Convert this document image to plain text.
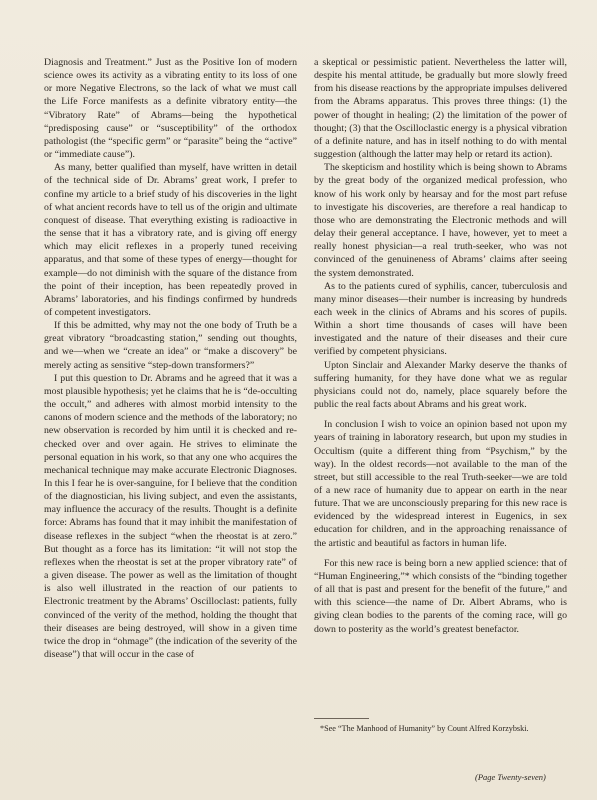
Diagnosis and Treatment.” Just as the Positive Ion of modern science owes its activity as a vibrating entity to its loss of one or more Negative Electrons, so the lack of what we must call the Life Force manifests as a definite vibratory entity—the “Vibratory Rate” of Abrams—being the hypothetical “predisposing cause” or “susceptibility” of the orthodox pathologist (the “specific germ” or “parasite” being the “active” or “immediate cause”).

As many, better qualified than myself, have written in detail of the technical side of Dr. Abrams’ great work, I prefer to confine my article to a brief study of his discoveries in the light of what ancient records have to tell us of the origin and ultimate conquest of disease. That everything existing is radioactive in the sense that it has a vibratory rate, and is giving off energy which may elicit reflexes in a properly tuned receiving apparatus, and that some of these types of energy—thought for example—do not diminish with the square of the distance from the point of their inception, has been repeatedly proved in Abrams’ laboratories, and his findings confirmed by hundreds of competent investigators.

If this be admitted, why may not the one body of Truth be a great vibratory “broadcasting station,” sending out thoughts, and we—when we “create an idea” or “make a discovery” be merely acting as sensitive “step-down transformers?”

I put this question to Dr. Abrams and he agreed that it was a most plausible hypothesis; yet he claims that he is “de-occulting the occult,” and adheres with almost morbid intensity to the canons of modern science and the methods of the laboratory; no new observation is recorded by him until it is checked and re-checked over and over again. He strives to eliminate the personal equation in his work, so that any one who acquires the mechanical technique may make accurate Electronic Diagnoses. In this I fear he is over-sanguine, for I believe that the condition of the diagnostician, his living subject, and even the assistants, may influence the accuracy of the results. Thought is a definite force: Abrams has found that it may inhibit the manifestation of disease reflexes in the subject “when the rheostat is at zero.” But thought as a force has its limitation: “it will not stop the reflexes when the rheostat is set at the proper vibratory rate” of a given disease. The power as well as the limitation of thought is also well illustrated in the reaction of our patients to Electronic treatment by the Abrams’ Oscilloclast: patients, fully convinced of the verity of the method, holding the thought that their diseases are being destroyed, will show in a given time twice the drop in “ohmage” (the indication of the severity of the disease”) that will occur in the case of

a skeptical or pessimistic patient. Nevertheless the latter will, despite his mental attitude, be gradually but more slowly freed from his disease reactions by the appropriate impulses delivered from the Abrams apparatus. This proves three things: (1) the power of thought in healing; (2) the limitation of the power of thought; (3) that the Oscilloclastic energy is a physical vibration of a definite nature, and has in itself nothing to do with mental suggestion (although the latter may help or retard its action).

The skepticism and hostility which is being shown to Abrams by the great body of the organized medical profession, who know of his work only by hearsay and for the most part refuse to investigate his discoveries, are therefore a real handicap to those who are demonstrating the Electronic methods and will delay their general acceptance. I have, however, yet to meet a really honest physician—a real truth-seeker, who was not convinced of the genuineness of Abrams’ claims after seeing the system demonstrated.

As to the patients cured of syphilis, cancer, tuberculosis and many minor diseases—their number is increasing by hundreds each week in the clinics of Abrams and his scores of pupils. Within a short time thousands of cases will have been investigated and the nature of their diseases and their cure verified by competent physicians.

Upton Sinclair and Alexander Marky deserve the thanks of suffering humanity, for they have done what we as regular physicians could not do, namely, place squarely before the public the real facts about Abrams and his great work.

In conclusion I wish to voice an opinion based not upon my years of training in laboratory research, but upon my studies in Occultism (quite a different thing from “Psychism,” by the way). In the oldest records—not available to the man of the street, but still accessible to the real Truth-seeker—we are told of a new race of humanity due to appear on earth in the near future. That we are unconsciously preparing for this new race is evidenced by the widespread interest in Eugenics, in sex education for children, and in the approaching renaissance of the artistic and beautiful as factors in human life.

For this new race is being born a new applied science: that of “Human Engineering,”* which consists of the “binding together of all that is past and present for the benefit of the future,” and with this science—the name of Dr. Albert Abrams, who is giving clean bodies to the parents of the coming race, will go down to posterity as the world’s greatest benefactor.

*See “The Manhood of Humanity” by Count Alfred Korzybski.
(Page Twenty-seven)
